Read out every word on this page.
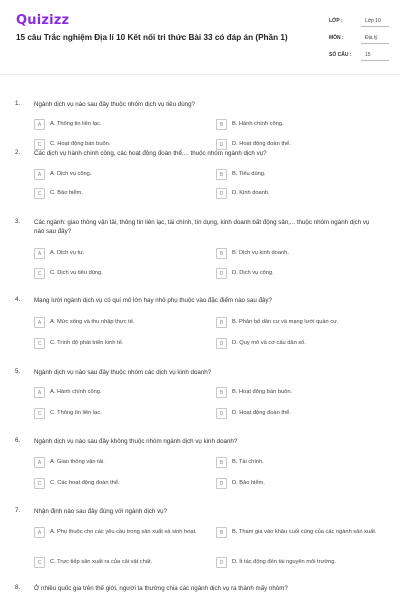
Quizizz
15 câu Trắc nghiệm Địa lí 10 Kết nối tri thức Bài 33 có đáp án (Phần 1)
LỚP :	Lớp 10
MÔN :	Địa lý
SỐ CÂU :	15
1. Ngành dịch vụ nào sau đây thuộc nhóm dịch vụ tiêu dùng?
A	A. Thông tin liên lạc.	B	B. Hành chính công.
C	C. Hoạt động bán buôn.	D	D. Hoạt động đoàn thể.
2. Các dịch vụ hành chính công, các hoạt động đoàn thể,... thuộc nhóm ngành dịch vụ?
A	A. Dịch vụ công.	B	B. Tiêu dùng.
C	C. Bảo hiểm.	D	D. Kinh doanh.
3. Các ngành: giao thông vận tải, thông tin liên lạc, tài chính, tín dụng, kinh doanh bất động sản,... thuộc nhóm ngành dịch vụ nào sau đây?
A	A. Dịch vụ tư.	B	B. Dịch vụ kinh doanh.
C	C. Dịch vụ tiêu dùng.	D	D. Dịch vụ công.
4. Mạng lưới ngành dịch vụ có quí mô lớn hay nhỏ phụ thuộc vào đặc điểm nào sau đây?
A	A. Mức sống và thu nhập thực tế.	B	B. Phân bố dân cư và mạng lưới quần cư.
C	C. Trình độ phát triển kinh tế.	D	D. Quy mô và cơ cấu dân số.
5. Ngành dịch vụ nào sau đây thuộc nhóm các dịch vụ kinh doanh?
A	A. Hành chính công.	B	B. Hoạt động bán buôn.
C	C. Thông tin liên lạc.	D	D. Hoạt động đoàn thể.
6. Ngành dịch vụ nào sau đây không thuộc nhóm ngành dịch vụ kinh doanh?
A	A. Giao thông vận tải.	B	B. Tài chính.
C	C. Các hoạt động đoàn thể.	D	D. Bảo hiểm.
7. Nhận định nào sau đây đúng với ngành dịch vụ?
A	A. Phụ thuộc cho các yêu cầu trong sản xuất và sinh hoạt.	B	B. Tham gia vào khâu cuối cùng của các ngành sản xuất.
C	C. Trực tiếp sản xuất ra của cải vật chất.	D	D. Ít tác động đến tài nguyên môi trường.
8. Ở nhiều quốc gia trên thế giới, người ta thường chia các ngành dịch vụ ra thành mấy nhóm?
